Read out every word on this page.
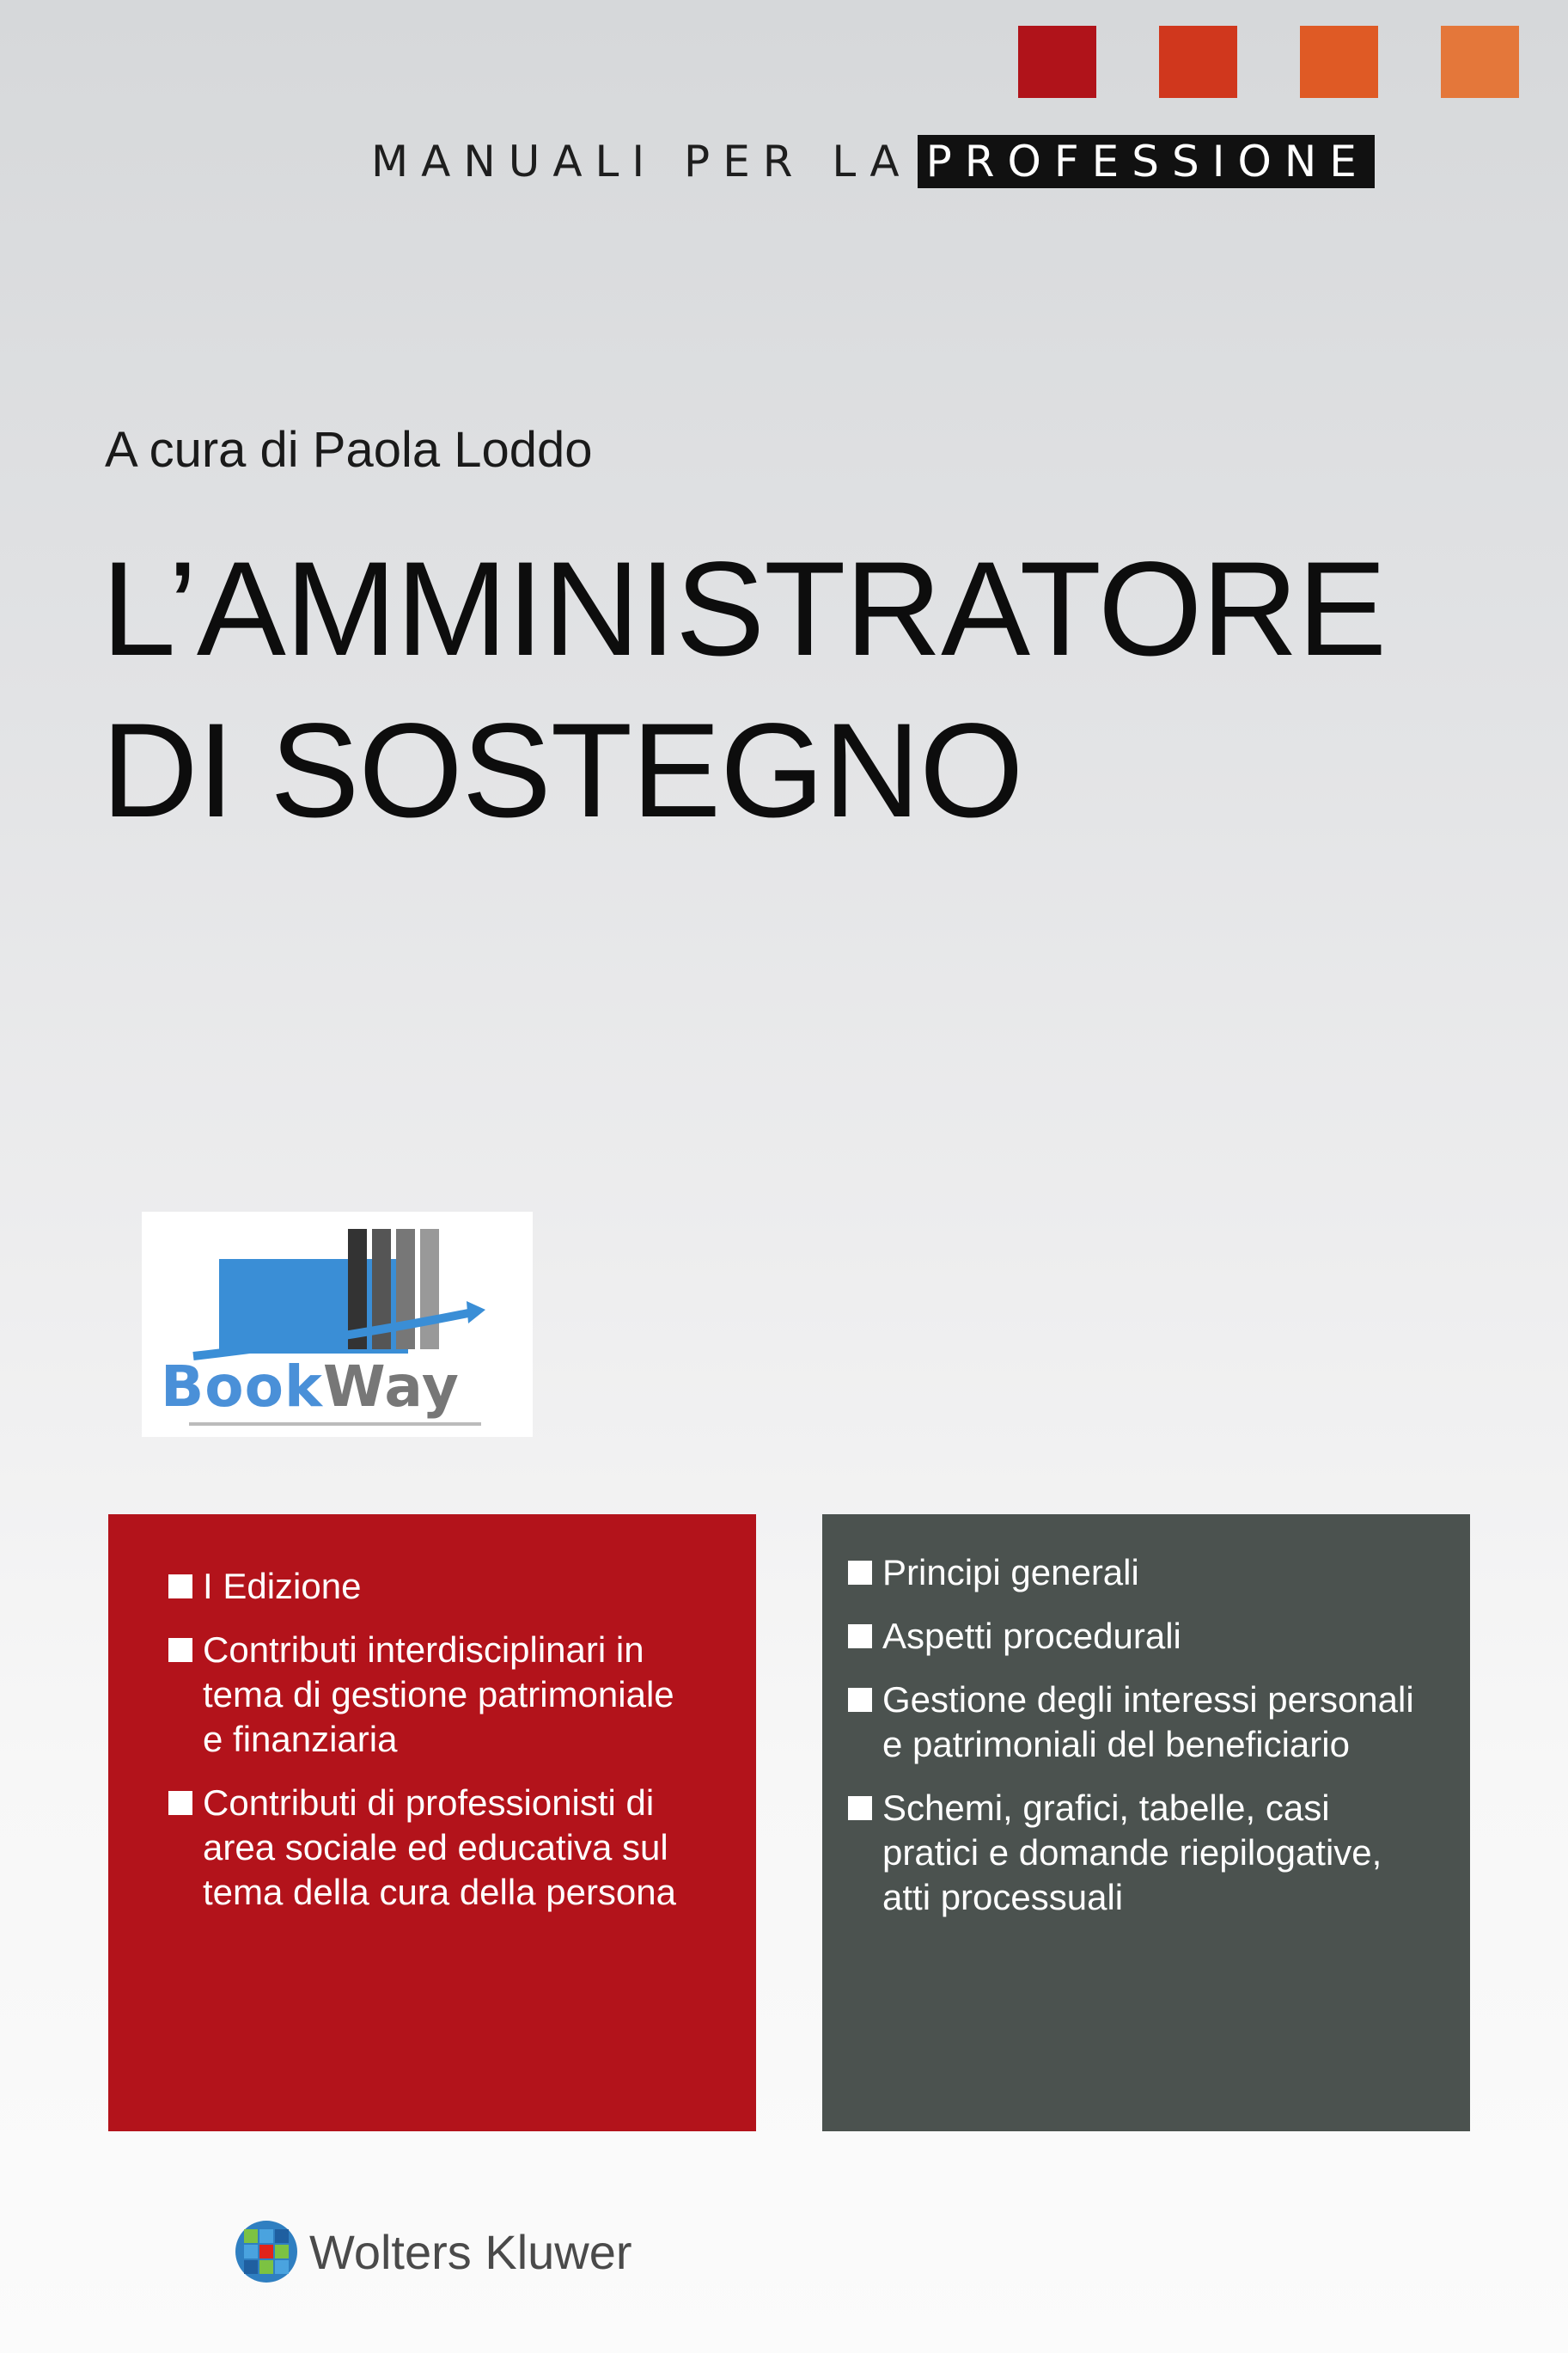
MANUALI PER LA PROFESSIONE
A cura di Paola Loddo
L’AMMINISTRATORE
DI SOSTEGNO
BookWay
I Edizione
Contributi interdisciplinari in tema di gestione patrimoniale e finanziaria
Contributi di professionisti di area sociale ed educativa sul tema della cura della persona
Principi generali
Aspetti procedurali
Gestione degli interessi personali e patrimoniali del beneficiario
Schemi, grafici, tabelle, casi pratici e domande riepilogative, atti processuali
Wolters Kluwer
